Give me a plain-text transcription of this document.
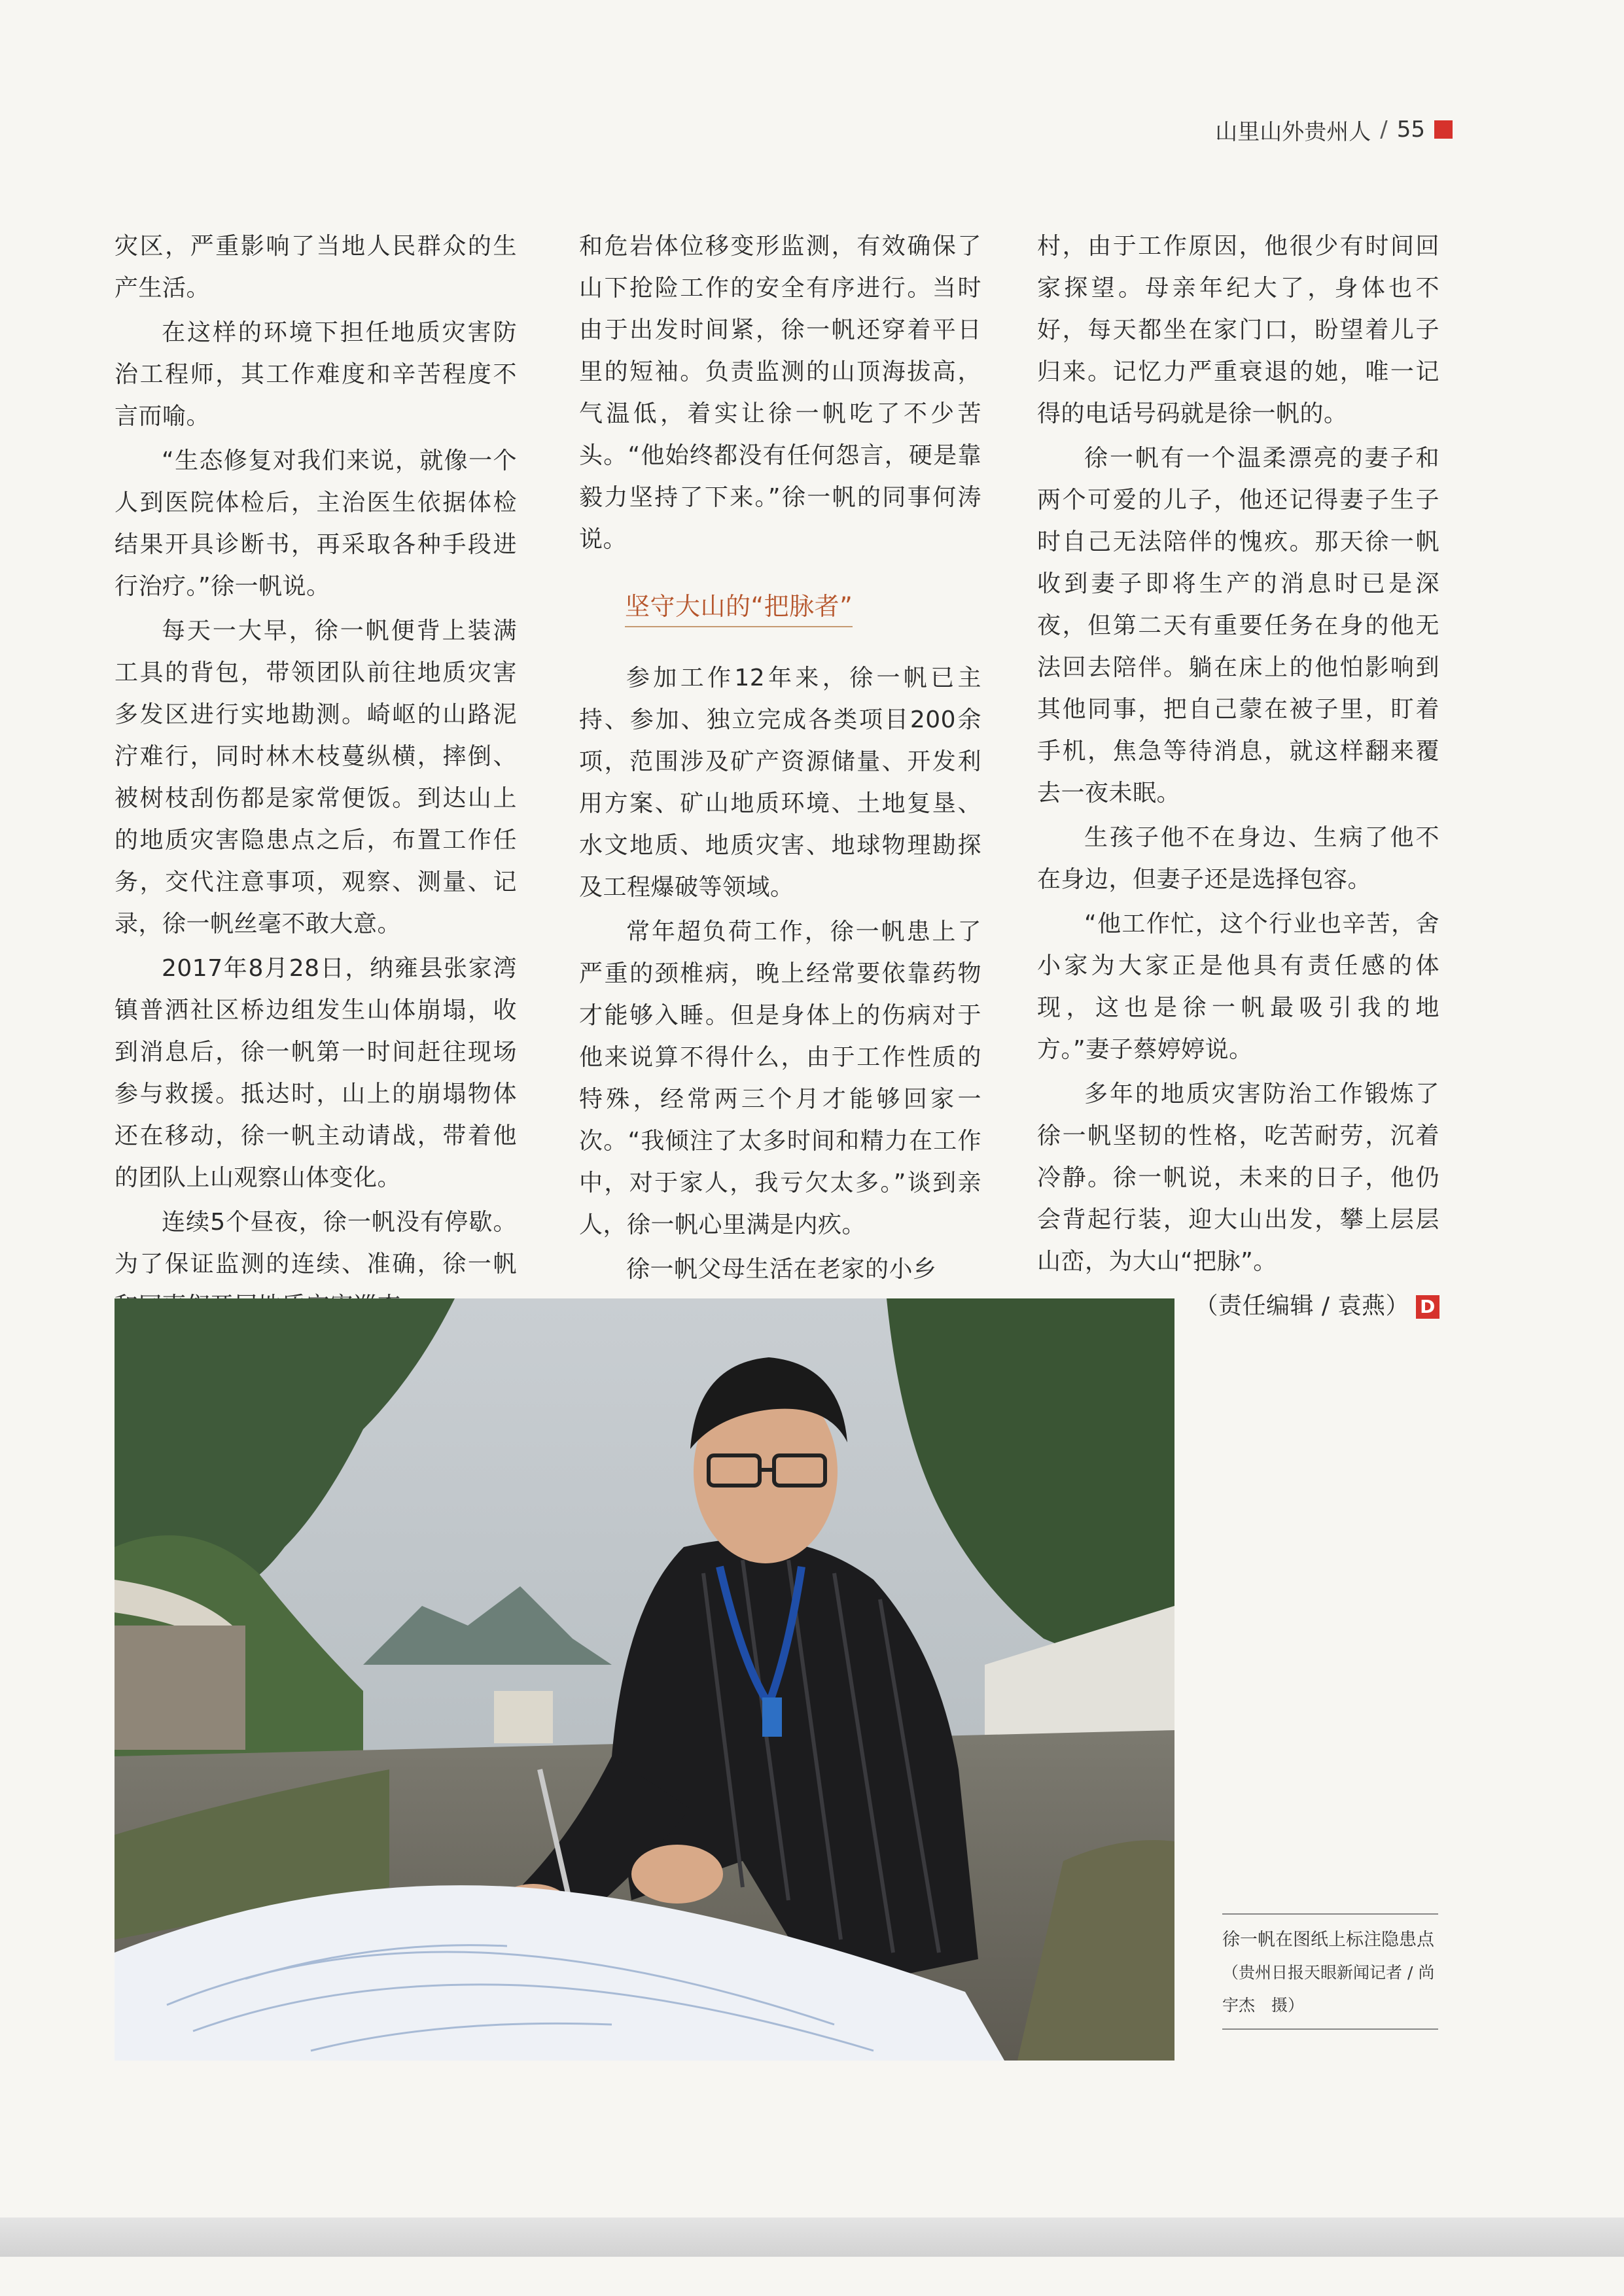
山里山外贵州人 / 55

灾区，严重影响了当地人民群众的生产生活。

在这样的环境下担任地质灾害防治工程师，其工作难度和辛苦程度不言而喻。

“生态修复对我们来说，就像一个人到医院体检后，主治医生依据体检结果开具诊断书，再采取各种手段进行治疗。”徐一帆说。

每天一大早，徐一帆便背上装满工具的背包，带领团队前往地质灾害多发区进行实地勘测。崎岖的山路泥泞难行，同时林木枝蔓纵横，摔倒、被树枝刮伤都是家常便饭。到达山上的地质灾害隐患点之后，布置工作任务，交代注意事项，观察、测量、记录，徐一帆丝毫不敢大意。

2017年8月28日，纳雍县张家湾镇普洒社区桥边组发生山体崩塌，收到消息后，徐一帆第一时间赶往现场参与救援。抵达时，山上的崩塌物体还在移动，徐一帆主动请战，带着他的团队上山观察山体变化。

连续5个昼夜，徐一帆没有停歇。为了保证监测的连续、准确，徐一帆

和危岩体位移变形监测，有效确保了山下抢险工作的安全有序进行。当时由于出发时间紧，徐一帆还穿着平日里的短袖。负责监测的山顶海拔高，气温低，着实让徐一帆吃了不少苦头。“他始终都没有任何怨言，硬是靠毅力坚持了下来。”徐一帆的同事何涛说。

坚守大山的“把脉者”

参加工作12年来，徐一帆已主持、参加、独立完成各类项目200余项，范围涉及矿产资源储量、开发利用方案、矿山地质环境、土地复垦、水文地质、地质灾害、地球物理勘探及工程爆破等领域。

常年超负荷工作，徐一帆患上了严重的颈椎病，晚上经常要依靠药物才能够入睡。但是身体上的伤病对于他来说算不得什么，由于工作性质的特殊，经常两三个月才能够回家一次。“我倾注了太多时间和精力在工作中，对于家人，我亏欠太多。”谈到亲人，徐一帆心里满是内疚。

徐一帆父母生活在老家的小乡

村，由于工作原因，他很少有时间回家探望。母亲年纪大了，身体也不好，每天都坐在家门口，盼望着儿子归来。记忆力严重衰退的她，唯一记得的电话号码就是徐一帆的。

徐一帆有一个温柔漂亮的妻子和两个可爱的儿子，他还记得妻子生子时自己无法陪伴的愧疚。那天徐一帆收到妻子即将生产的消息时已是深夜，但第二天有重要任务在身的他无法回去陪伴。躺在床上的他怕影响到其他同事，把自己蒙在被子里，盯着手机，焦急等待消息，就这样翻来覆去一夜未眠。

生孩子他不在身边、生病了他不在身边，但妻子还是选择包容。

“他工作忙，这个行业也辛苦，舍小家为大家正是他具有责任感的体现，这也是徐一帆最吸引我的地方。”妻子蔡婷婷说。

多年的地质灾害防治工作锻炼了徐一帆坚韧的性格，吃苦耐劳，沉着冷静。徐一帆说，未来的日子，他仍会背起行装，迎大山出发，攀上层层山峦，为大山“把脉”。

（责任编辑 / 袁燕） D

徐一帆在图纸上标注隐患点 （贵州日报天眼新闻记者 / 尚宇杰　摄）
